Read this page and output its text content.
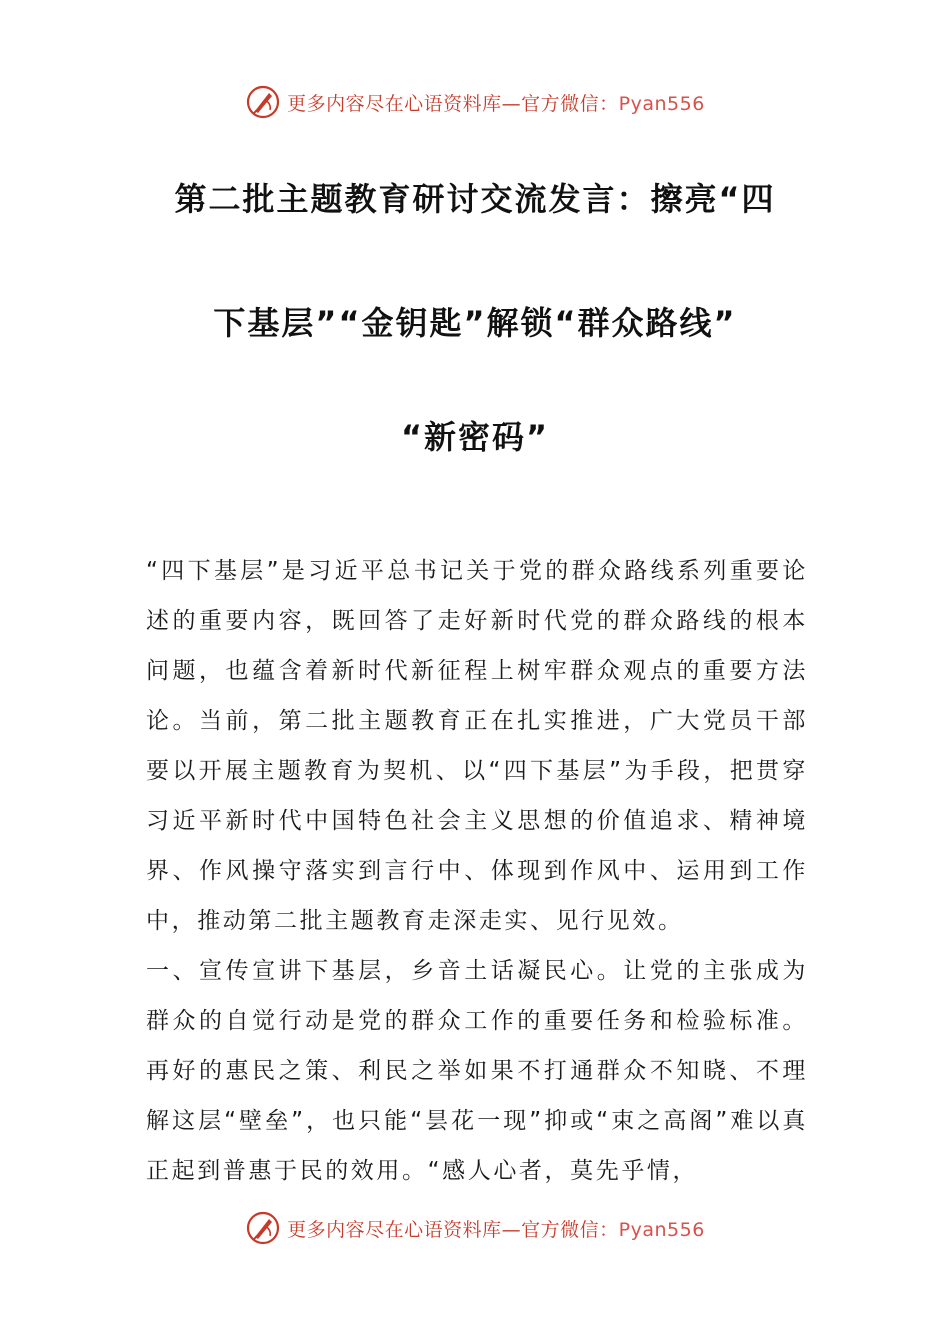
更多内容尽在心语资料库—官方微信：Pyan556
第二批主题教育研讨交流发言：擦亮“四
下基层”“金钥匙”解锁“群众路线”
“新密码”

“四下基层”是习近平总书记关于党的群众路线系列重要论述的重要内容，既回答了走好新时代党的群众路线的根本问题，也蕴含着新时代新征程上树牢群众观点的重要方法论。当前，第二批主题教育正在扎实推进，广大党员干部要以开展主题教育为契机、以“四下基层”为手段，把贯穿习近平新时代中国特色社会主义思想的价值追求、精神境界、作风操守落实到言行中、体现到作风中、运用到工作中，推动第二批主题教育走深走实、见行见效。

一、宣传宣讲下基层，乡音土话凝民心。让党的主张成为群众的自觉行动是党的群众工作的重要任务和检验标准。再好的惠民之策、利民之举如果不打通群众不知晓、不理解这层“壁垒”，也只能“昙花一现”抑或“束之高阁”难以真正起到普惠于民的效用。“感人心者，莫先乎情，

更多内容尽在心语资料库—官方微信：Pyan556
